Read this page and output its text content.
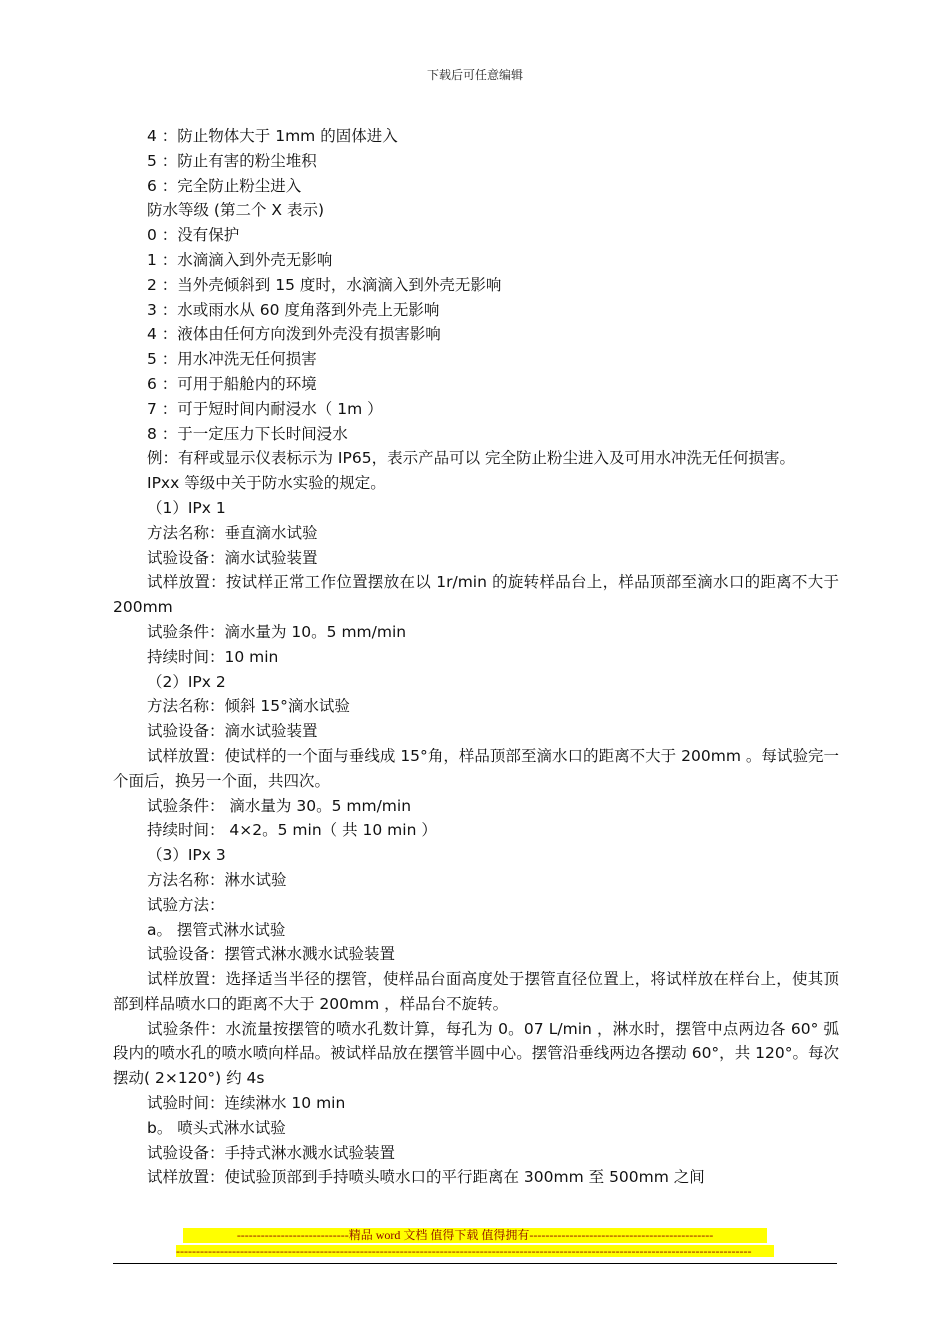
下载后可任意编辑
4 ：防止物体大于 1mm 的固体进入
5 ：防止有害的粉尘堆积
6 ：完全防止粉尘进入
防水等级 (第二个 X 表示)
0 ：没有保护
1 ：水滴滴入到外壳无影响
2 ：当外壳倾斜到 15 度时，水滴滴入到外壳无影响
3 ：水或雨水从 60 度角落到外壳上无影响
4 ：液体由任何方向泼到外壳没有损害影响
5 ：用水冲洗无任何损害
6 ：可用于船舱内的环境
7 ：可于短时间内耐浸水（ 1m ）
8 ：于一定压力下长时间浸水
例：有秤或显示仪表标示为 IP65，表示产品可以 完全防止粉尘进入及可用水冲洗无任何损害。
IPxx 等级中关于防水实验的规定。
（1）IPx 1
方法名称：垂直滴水试验
试验设备：滴水试验装置
试样放置：按试样正常工作位置摆放在以 1r/min 的旋转样品台上，样品顶部至滴水口的距离不大于 200mm
试验条件：滴水量为 10。5 mm/min
持续时间：10 min
（2）IPx 2
方法名称：倾斜 15°滴水试验
试验设备：滴水试验装置
试样放置：使试样的一个面与垂线成 15°角，样品顶部至滴水口的距离不大于 200mm 。每试验完一个面后，换另一个面，共四次。
试验条件： 滴水量为 30。5 mm/min
持续时间： 4×2。5 min（ 共 10 min ）
（3）IPx 3
方法名称：淋水试验
试验方法：
a。 摆管式淋水试验
试验设备：摆管式淋水溅水试验装置
试样放置：选择适当半径的摆管，使样品台面高度处于摆管直径位置上，将试样放在样台上，使其顶部到样品喷水口的距离不大于 200mm ，样品台不旋转。
试验条件：水流量按摆管的喷水孔数计算，每孔为 0。07 L/min ，淋水时，摆管中点两边各 60° 弧段内的喷水孔的喷水喷向样品。被试样品放在摆管半圆中心。摆管沿垂线两边各摆动 60°，共 120°。每次摆动( 2×120°) 约 4s
试验时间：连续淋水 10 min
b。 喷头式淋水试验
试验设备：手持式淋水溅水试验装置
试样放置：使试验顶部到手持喷头喷水口的平行距离在 300mm 至 500mm 之间
----------------------------精品 word 文档 值得下载 值得拥有----------------------------------------------
------------------------------------------------------------------------------------------------------------------------------------------------
